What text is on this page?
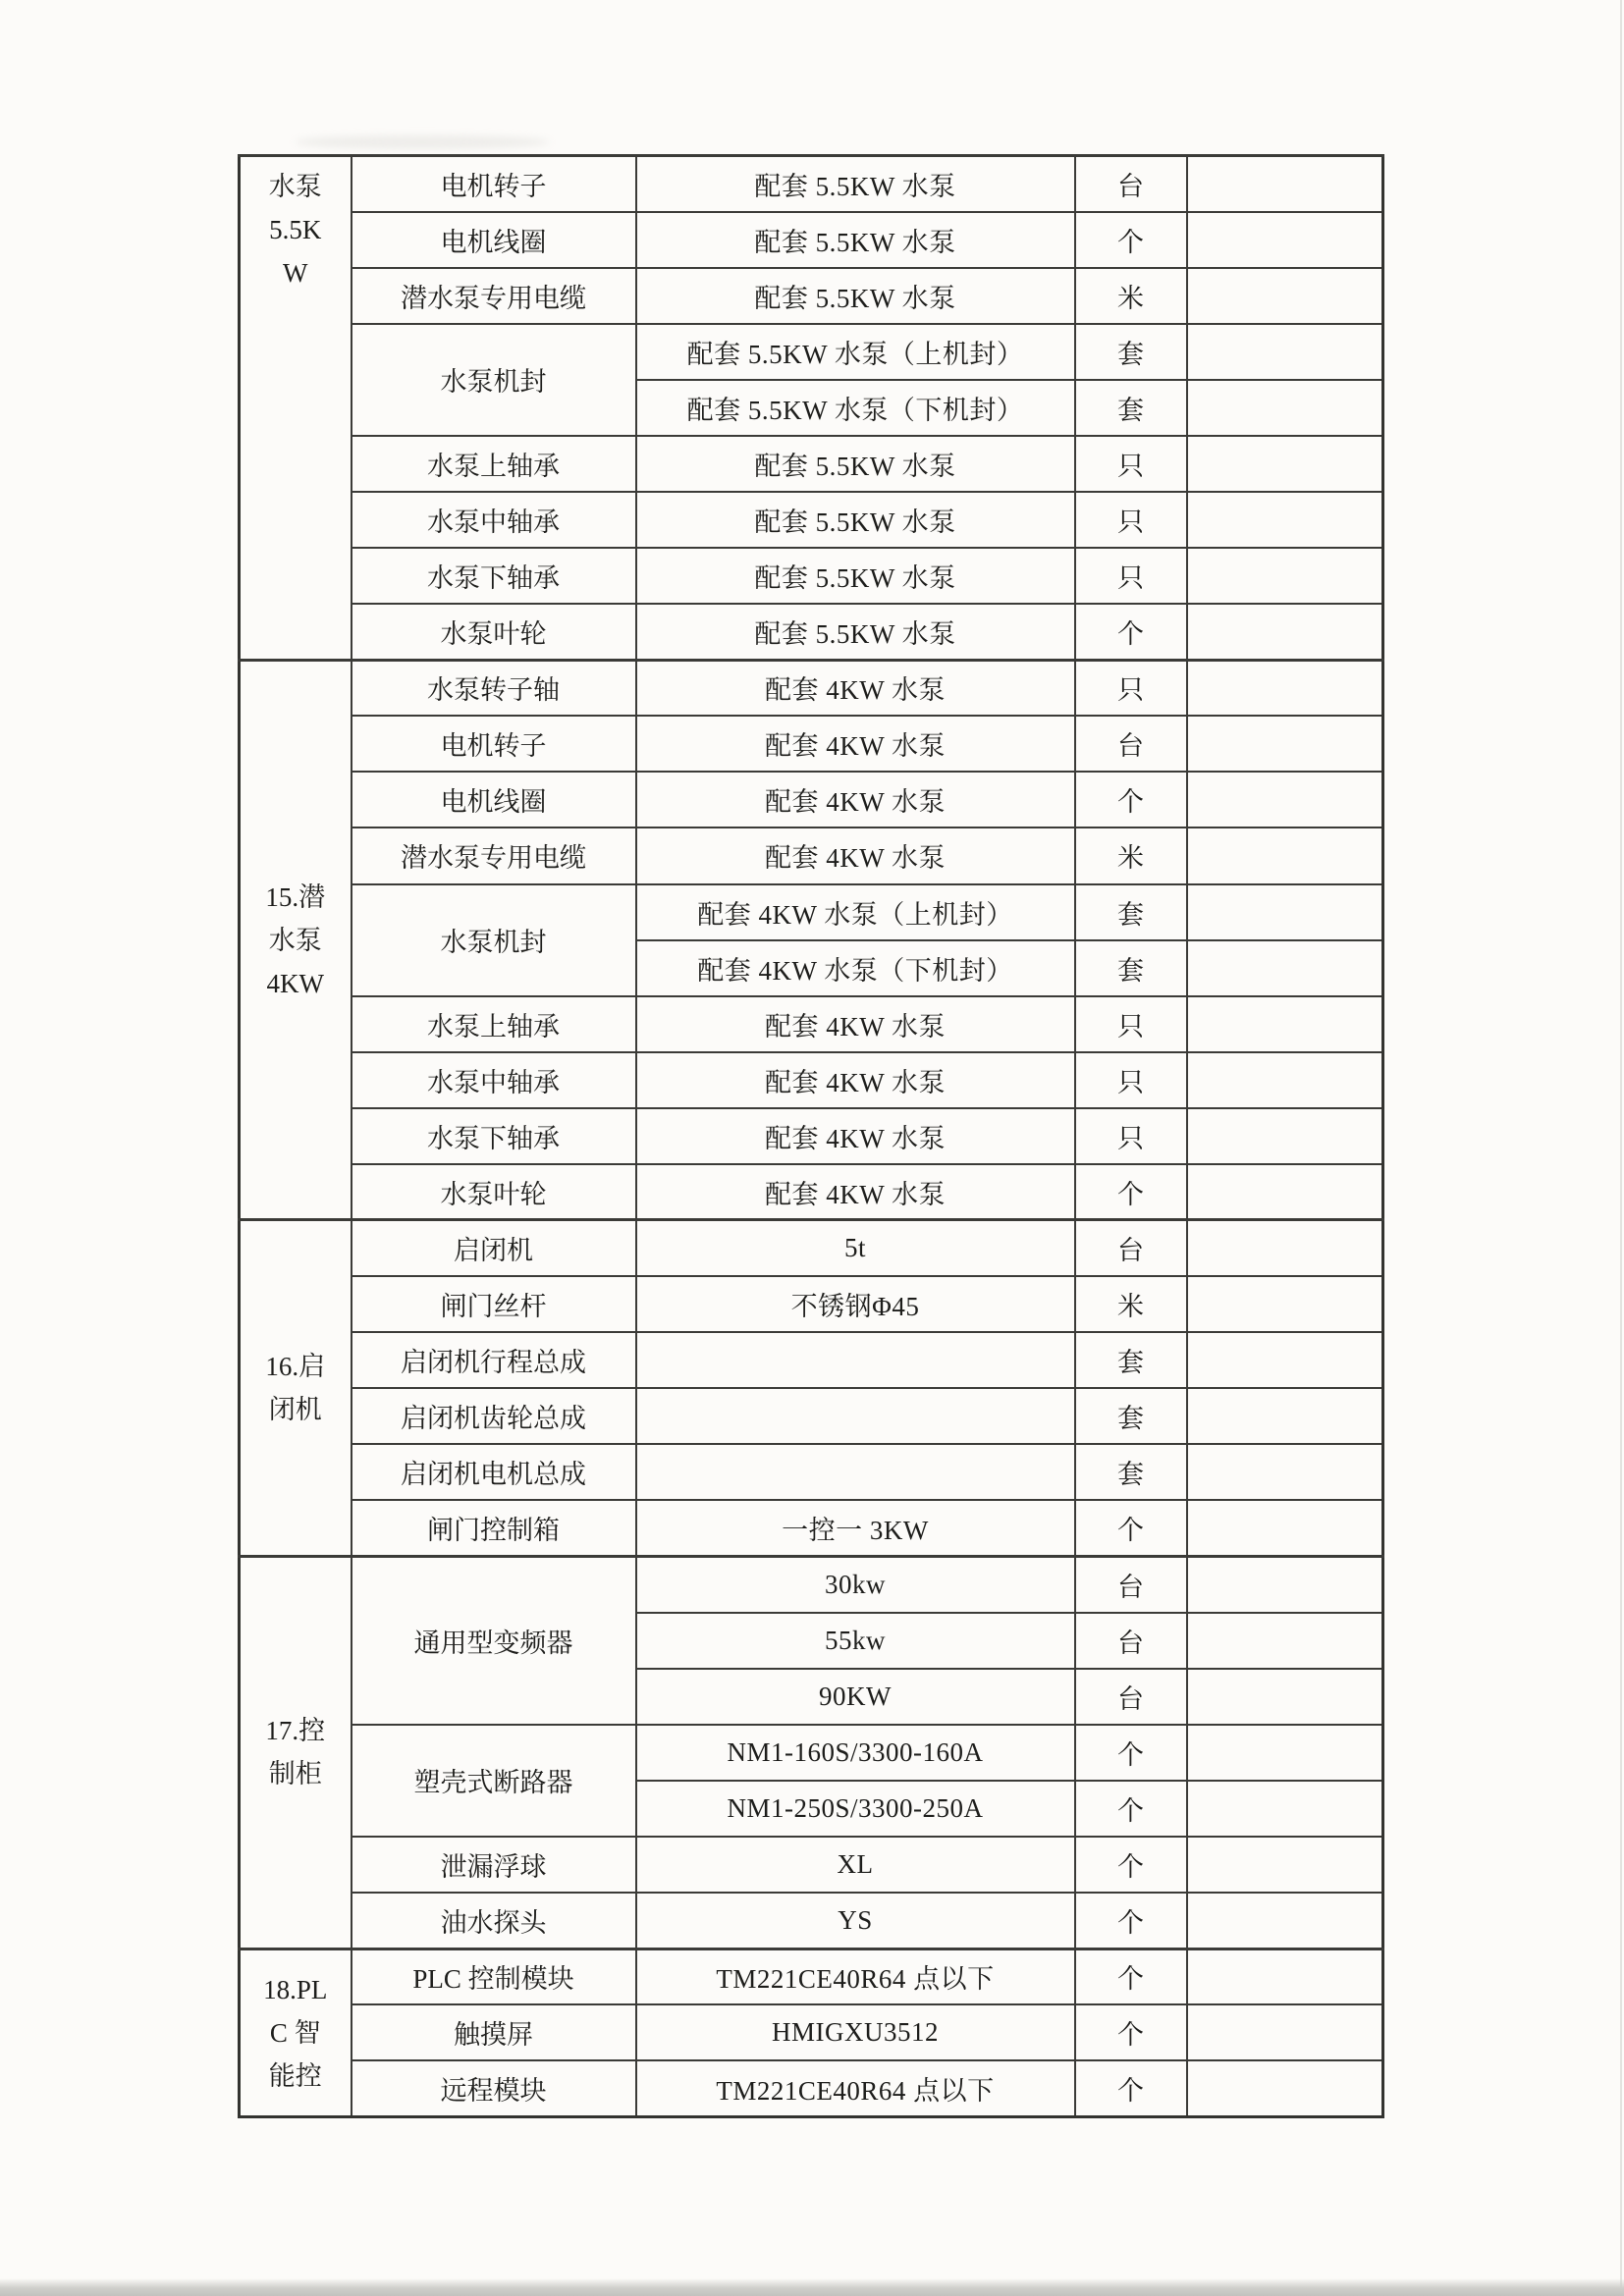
水泵
5.5K
W	电机转子	配套 5.5KW 水泵	台	
	电机线圈	配套 5.5KW 水泵	个	
	潜水泵专用电缆	配套 5.5KW 水泵	米	
	水泵机封	配套 5.5KW 水泵（上机封）	套	
		配套 5.5KW 水泵（下机封）	套	
	水泵上轴承	配套 5.5KW 水泵	只	
	水泵中轴承	配套 5.5KW 水泵	只	
	水泵下轴承	配套 5.5KW 水泵	只	
	水泵叶轮	配套 5.5KW 水泵	个	

15.潜
水泵
4KW	水泵转子轴	配套 4KW 水泵	只	
	电机转子	配套 4KW 水泵	台	
	电机线圈	配套 4KW 水泵	个	
	潜水泵专用电缆	配套 4KW 水泵	米	
	水泵机封	配套 4KW 水泵（上机封）	套	
		配套 4KW 水泵（下机封）	套	
	水泵上轴承	配套 4KW 水泵	只	
	水泵中轴承	配套 4KW 水泵	只	
	水泵下轴承	配套 4KW 水泵	只	
	水泵叶轮	配套 4KW 水泵	个	

16.启
闭机	启闭机	5t	台	
	闸门丝杆	不锈钢Φ45	米	
	启闭机行程总成		套	
	启闭机齿轮总成		套	
	启闭机电机总成		套	
	闸门控制箱	一控一 3KW	个	

17.控
制柜	通用型变频器	30kw	台	
		55kw	台	
		90KW	台	
	塑壳式断路器	NM1-160S/3300-160A	个	
		NM1-250S/3300-250A	个	
	泄漏浮球	XL	个	
	油水探头	YS	个	

18.PL
C 智
能控	PLC 控制模块	TM221CE40R64 点以下	个	
	触摸屏	HMIGXU3512	个	
	远程模块	TM221CE40R64 点以下	个	
